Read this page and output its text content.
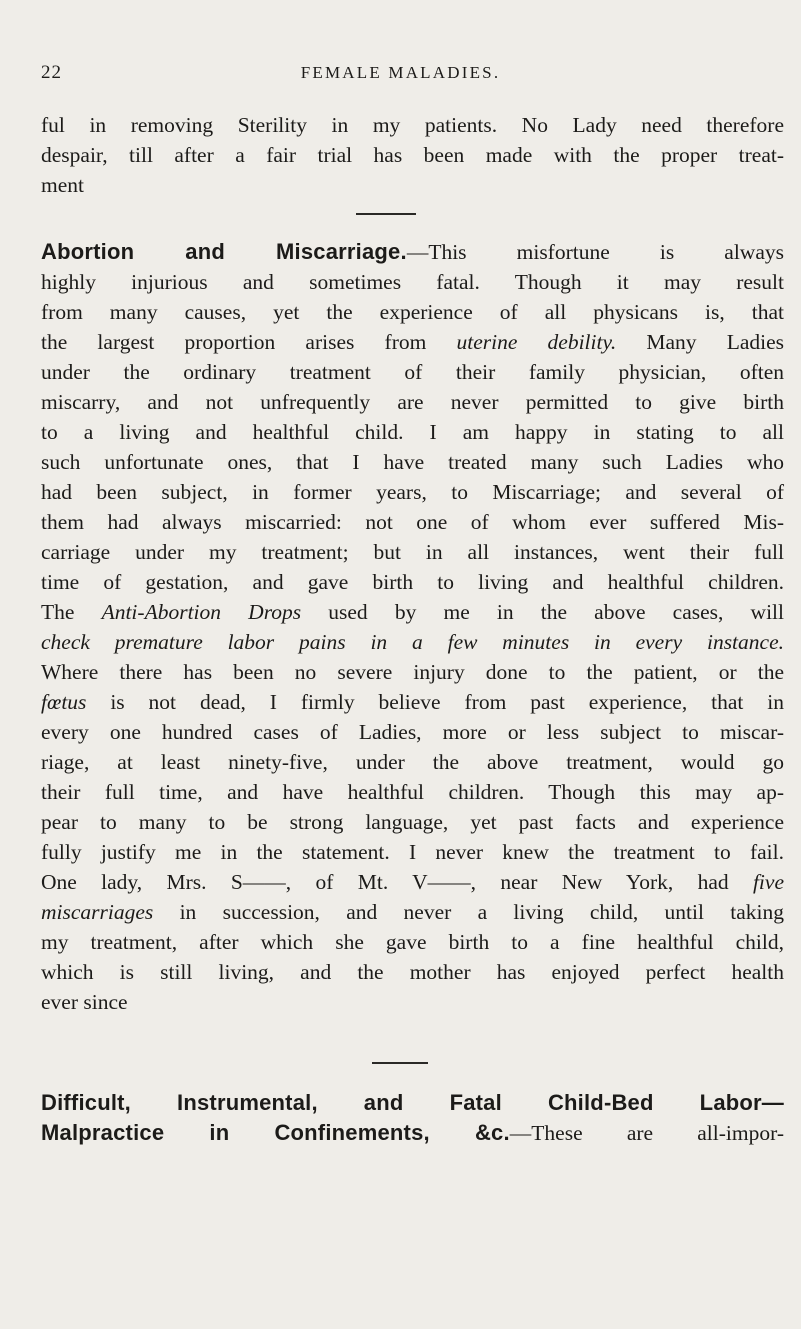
22	FEMALE MALADIES.
ful in removing Sterility in my patients. No Lady need therefore
despair, till after a fair trial has been made with the proper treat-
ment
Abortion and Miscarriage.—This misfortune is always
highly injurious and sometimes fatal. Though it may result
from many causes, yet the experience of all physicans is, that
the largest proportion arises from uterine debility. Many Ladies
under the ordinary treatment of their family physician, often
miscarry, and not unfrequently are never permitted to give birth
to a living and healthful child. I am happy in stating to all
such unfortunate ones, that I have treated many such Ladies who
had been subject, in former years, to Miscarriage; and several of
them had always miscarried: not one of whom ever suffered Mis-
carriage under my treatment; but in all instances, went their full
time of gestation, and gave birth to living and healthful children.
The Anti-Abortion Drops used by me in the above cases, will
check premature labor pains in a few minutes in every instance.
Where there has been no severe injury done to the patient, or the
fœtus is not dead, I firmly believe from past experience, that in
every one hundred cases of Ladies, more or less subject to miscar-
riage, at least ninety-five, under the above treatment, would go
their full time, and have healthful children. Though this may ap-
pear to many to be strong language, yet past facts and experience
fully justify me in the statement. I never knew the treatment to fail.
One lady, Mrs. S——, of Mt. V——, near New York, had five
miscarriages in succession, and never a living child, until taking
my treatment, after which she gave birth to a fine healthful child,
which is still living, and the mother has enjoyed perfect health
ever since
Difficult, Instrumental, and Fatal Child-Bed Labor—
Malpractice in Confinements, &c.—These are all-impor-
